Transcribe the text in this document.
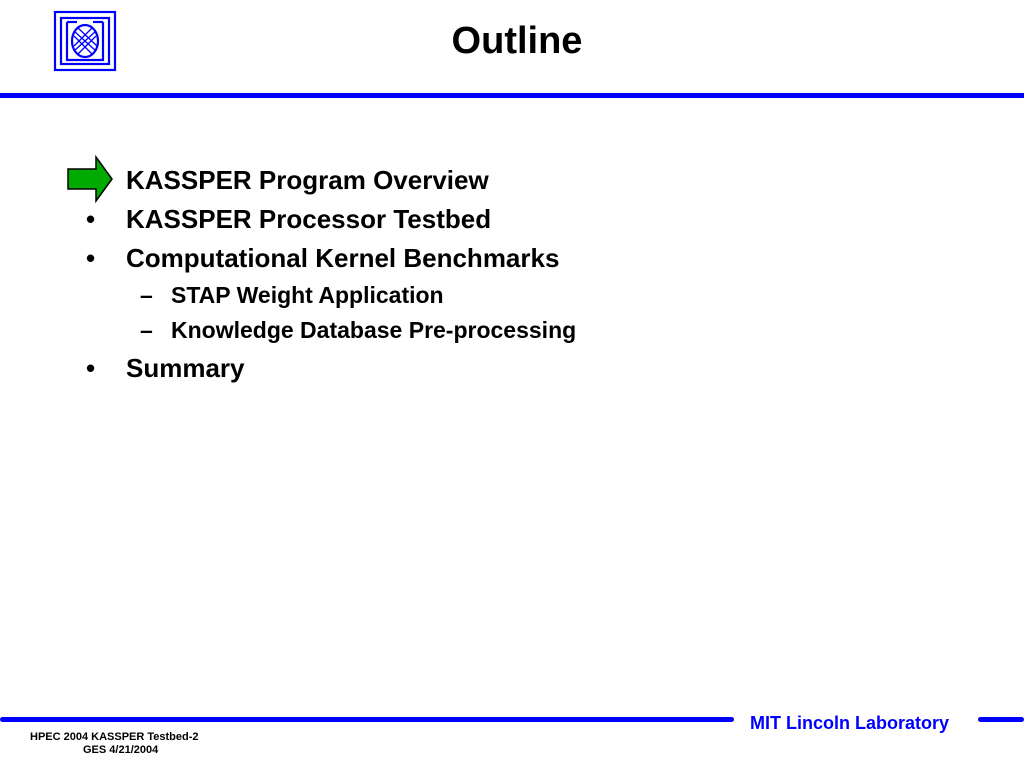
Outline
KASSPER Program Overview
• KASSPER Processor Testbed
• Computational Kernel Benchmarks
– STAP Weight Application
– Knowledge Database Pre-processing
• Summary
MIT Lincoln Laboratory
HPEC 2004 KASSPER Testbed-2
GES 4/21/2004
